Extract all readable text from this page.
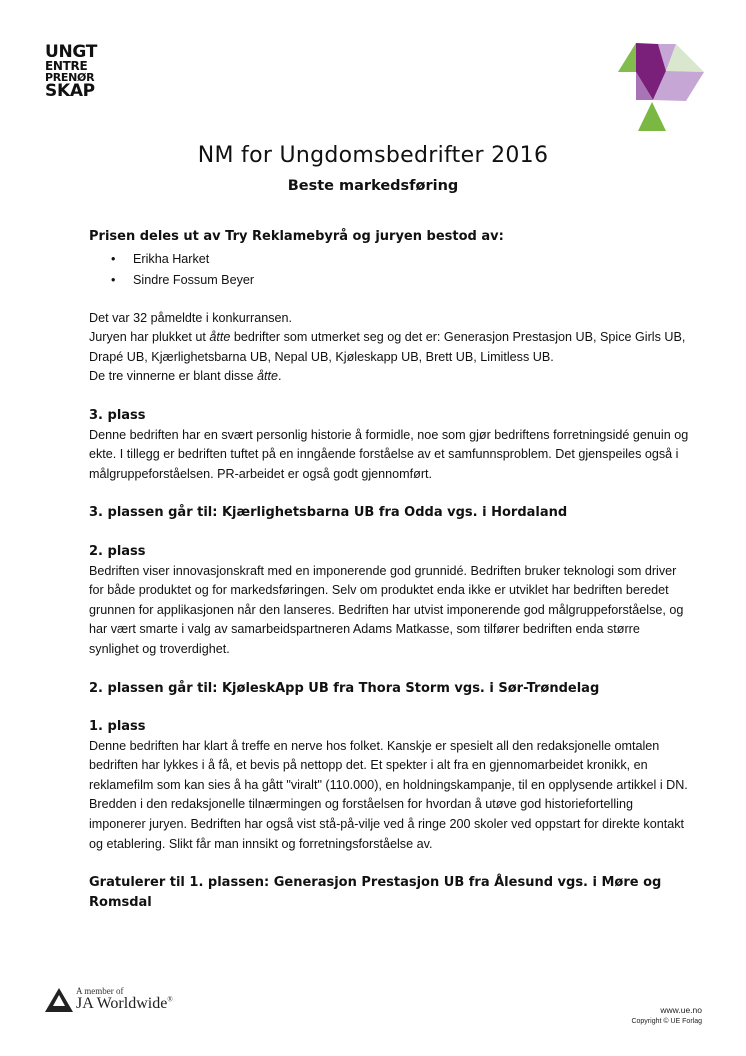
UNGT
ENTRE
PRENØR
SKAP
NM for Ungdomsbedrifter 2016
Beste markedsføring

Prisen deles ut av Try Reklamebyrå og juryen bestod av:

• Erikha Harket
• Sindre Fossum Beyer

Det var 32 påmeldte i konkurransen.
Juryen har plukket ut åtte bedrifter som utmerket seg og det er: Generasjon Prestasjon UB, Spice Girls UB, Drapé UB, Kjærlighetsbarna UB, Nepal UB, Kjøleskapp UB, Brett UB, Limitless UB.
De tre vinnerne er blant disse åtte.

3. plass

Denne bedriften har en svært personlig historie å formidle, noe som gjør bedriftens forretningsidé genuin og ekte. I tillegg er bedriften tuftet på en inngående forståelse av et samfunnsproblem. Det gjenspeiles også i målgruppeforståelsen. PR-arbeidet er også godt gjennomført.

3. plassen går til: Kjærlighetsbarna UB fra Odda vgs. i Hordaland

2. plass

Bedriften viser innovasjonskraft med en imponerende god grunnidé. Bedriften bruker teknologi som driver for både produktet og for markedsføringen. Selv om produktet enda ikke er utviklet har bedriften beredet grunnen for applikasjonen når den lanseres. Bedriften har utvist imponerende god målgruppeforståelse, og har vært smarte i valg av samarbeidspartneren Adams Matkasse, som tilfører bedriften enda større synlighet og troverdighet.

2. plassen går til: KjøleskApp UB fra Thora Storm vgs. i Sør-Trøndelag

1. plass

Denne bedriften har klart å treffe en nerve hos folket. Kanskje er spesielt all den redaksjonelle omtalen bedriften har lykkes i å få, et bevis på nettopp det. Et spekter i alt fra en gjennomarbeidet kronikk, en reklamefilm som kan sies å ha gått "viralt" (110.000), en holdningskampanje, til en opplysende artikkel i DN. Bredden i den redaksjonelle tilnærmingen og forståelsen for hvordan å utøve god historiefortelling imponerer juryen. Bedriften har også vist stå-på-vilje ved å ringe 200 skoler ved oppstart for direkte kontakt og etablering. Slikt får man innsikt og forretningsforståelse av.

Gratulerer til 1. plassen: Generasjon Prestasjon UB fra Ålesund vgs. i Møre og Romsdal

A member of
JA Worldwide®
www.ue.no
Copyright © UE Forlag
